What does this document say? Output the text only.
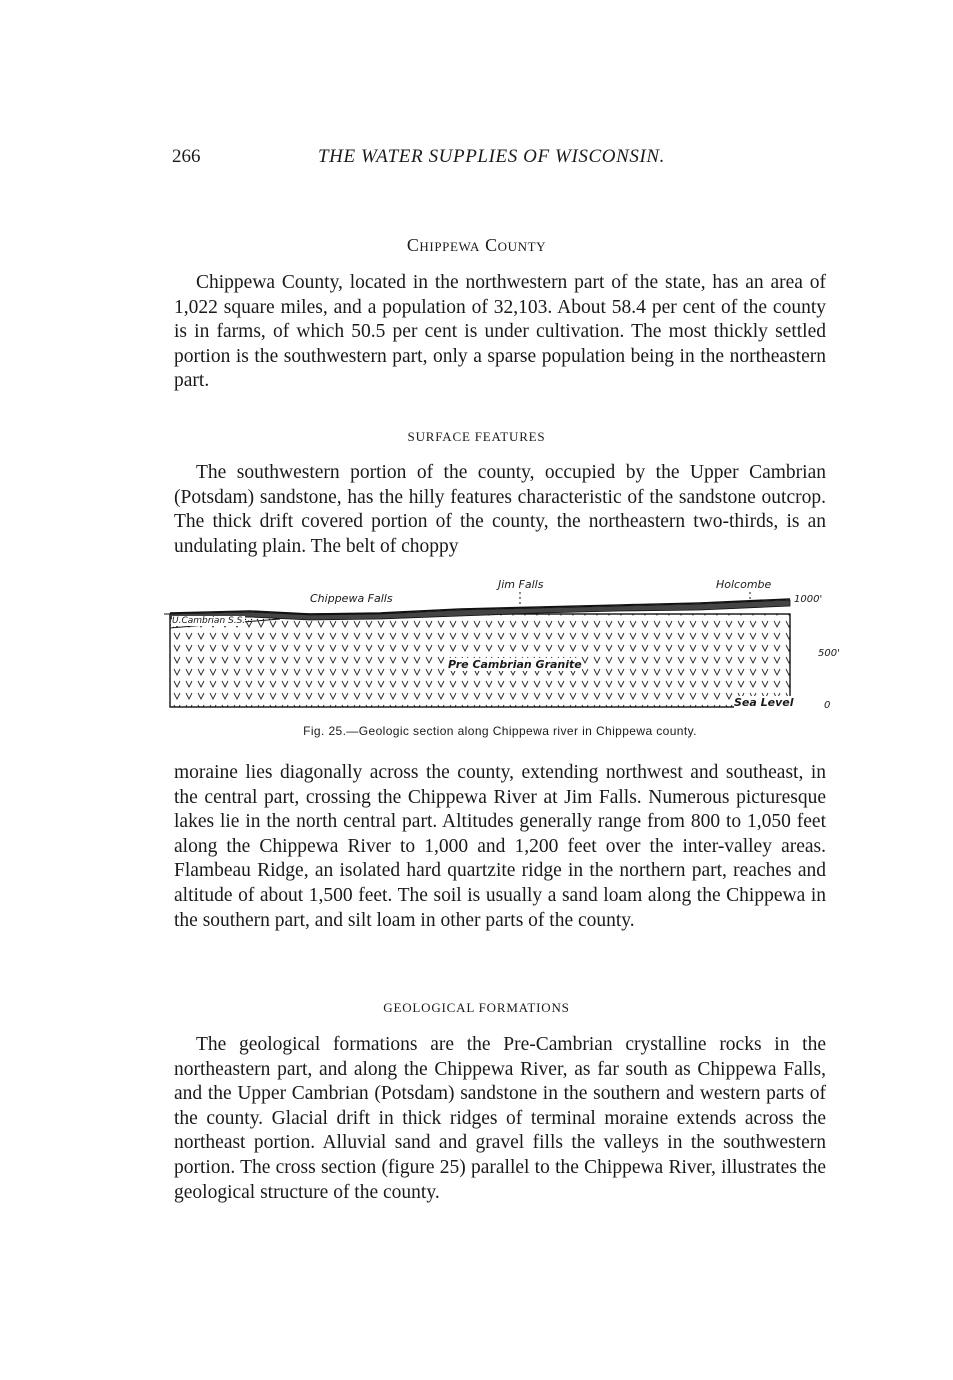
266	THE WATER SUPPLIES OF WISCONSIN.
Chippewa County

Chippewa County, located in the northwestern part of the state, has an area of 1,022 square miles, and a population of 32,103. About 58.4 per cent of the county is in farms, of which 50.5 per cent is under cultivation. The most thickly settled portion is the southwestern part, only a sparse population being in the northeastern part.

SURFACE FEATURES

The southwestern portion of the county, occupied by the Upper Cambrian (Potsdam) sandstone, has the hilly features characteristic of the sandstone outcrop. The thick drift covered portion of the county, the northeastern two-thirds, is an undulating plain. The belt of choppy

Jim Falls
Chippewa Falls
Holcombe
U.Cambrian S.S.
Pre Cambrian Granite
Sea Level
1000'
500'
0
Fig. 25.—Geologic section along Chippewa river in Chippewa county.

moraine lies diagonally across the county, extending northwest and southeast, in the central part, crossing the Chippewa River at Jim Falls. Numerous picturesque lakes lie in the north central part. Altitudes generally range from 800 to 1,050 feet along the Chippewa River to 1,000 and 1,200 feet over the inter-valley areas. Flambeau Ridge, an isolated hard quartzite ridge in the northern part, reaches and altitude of about 1,500 feet. The soil is usually a sand loam along the Chippewa in the southern part, and silt loam in other parts of the county.

GEOLOGICAL FORMATIONS

The geological formations are the Pre-Cambrian crystalline rocks in the northeastern part, and along the Chippewa River, as far south as Chippewa Falls, and the Upper Cambrian (Potsdam) sandstone in the southern and western parts of the county. Glacial drift in thick ridges of terminal moraine extends across the northeast portion. Alluvial sand and gravel fills the valleys in the southwestern portion. The cross section (figure 25) parallel to the Chippewa River, illustrates the geological structure of the county.
